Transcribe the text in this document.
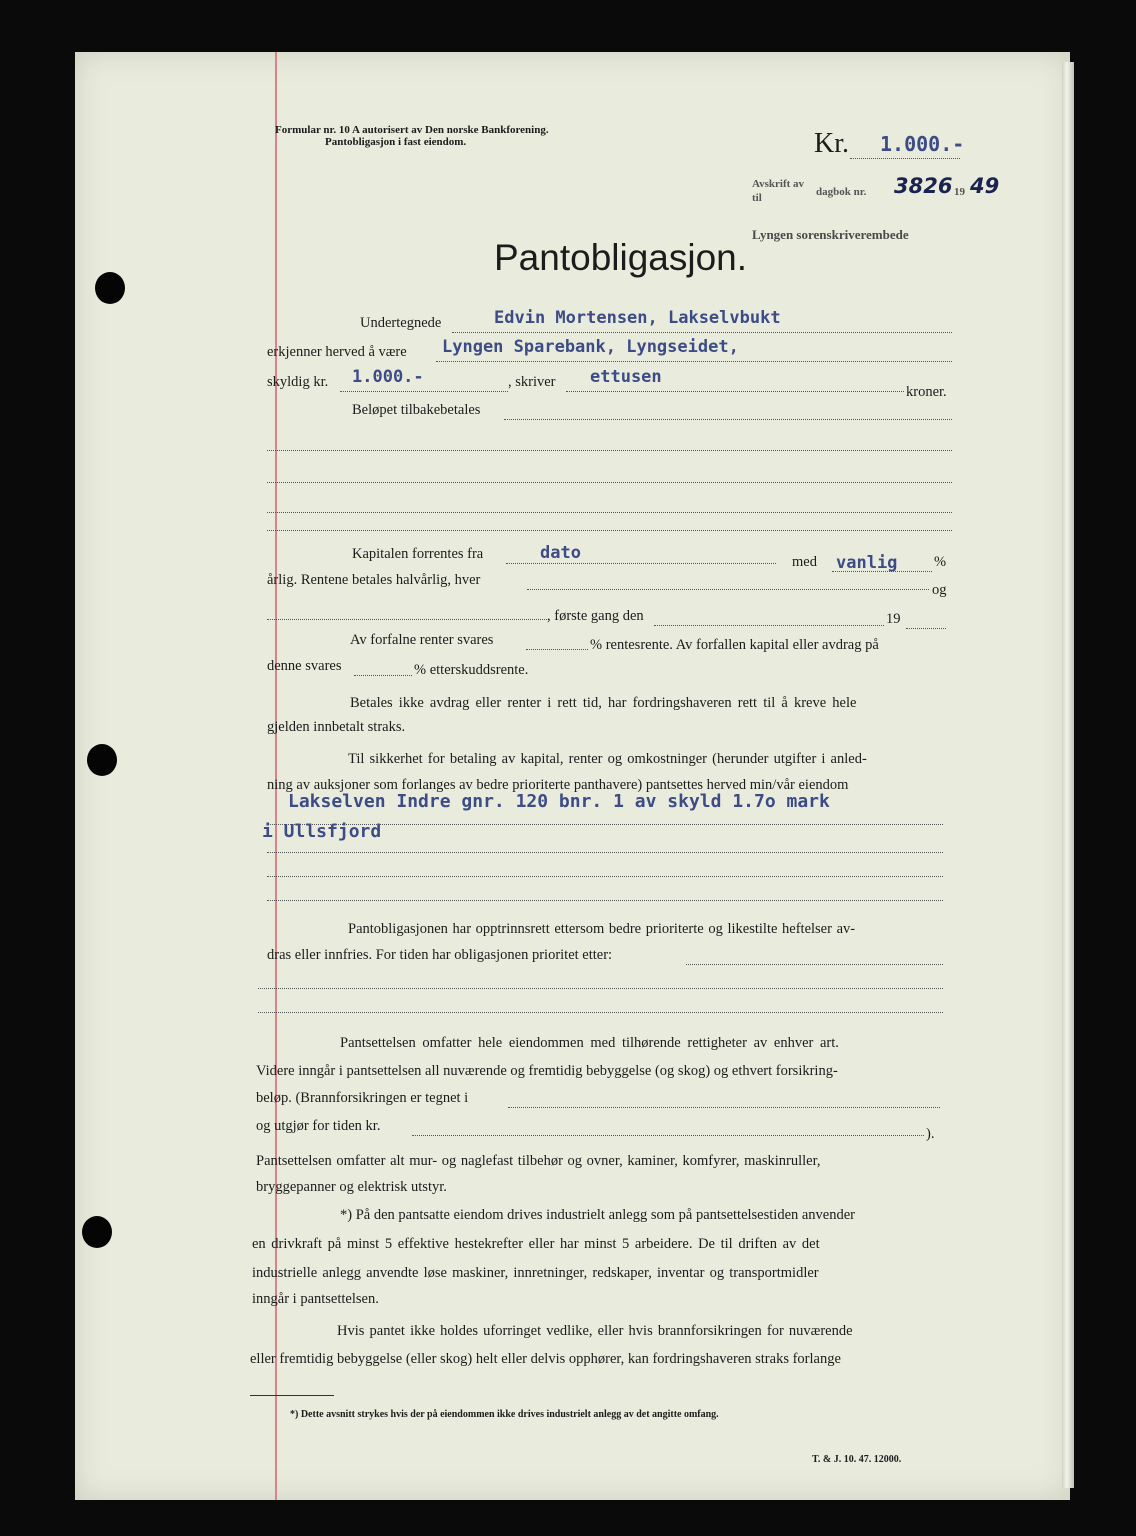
Formular nr. 10 A autorisert av Den norske Bankforening.
Pantobligasjon i fast eiendom.	Kr. 1.000.-
Avskrift av
til	dagbok nr. 3826 19 49
Lyngen sorenskriverembede
Pantobligasjon.
Undertegnede	Edvin Mortensen, Lakselvbukt
erkjenner herved å være Lyngen Sparebank, Lyngseidet,
skyldig kr. 1.000.-	, skriver ettusen
kroner.
Beløpet tilbakebetales
Kapitalen forrentes fra	dato	med vanlig	%
årlig. Rentene betales halvårlig, hver
og
, første gang den	19
Av forfalne renter svares	% rentesrente. Av forfallen kapital eller avdrag på
denne svares	% etterskuddsrente.
Betales ikke avdrag eller renter i rett tid, har fordringshaveren rett til å kreve hele
gjelden innbetalt straks.
Til sikkerhet for betaling av kapital, renter og omkostninger (herunder utgifter i anled-
ning av auksjoner som forlanges av bedre prioriterte panthavere) pantsettes herved min/vår eiendom
Lakselven Indre gnr. 120 bnr. 1 av skyld 1.7o mark
i Ullsfjord
Pantobligasjonen har opptrinnsrett ettersom bedre prioriterte og likestilte heftelser av-
dras eller innfries. For tiden har obligasjonen prioritet etter:
Pantsettelsen omfatter hele eiendommen med tilhørende rettigheter av enhver art.
Videre inngår i pantsettelsen all nuværende og fremtidig bebyggelse (og skog) og ethvert forsikring-
beløp. (Brannforsikringen er tegnet i
og utgjør for tiden kr.	).
Pantsettelsen omfatter alt mur- og naglefast tilbehør og ovner, kaminer, komfyrer, maskinruller,
bryggepanner og elektrisk utstyr.
*) På den pantsatte eiendom drives industrielt anlegg som på pantsettelsestiden anvender
en drivkraft på minst 5 effektive hestekrefter eller har minst 5 arbeidere. De til driften av det
industrielle anlegg anvendte løse maskiner, innretninger, redskaper, inventar og transportmidler
inngår i pantsettelsen.
Hvis pantet ikke holdes uforringet vedlike, eller hvis brannforsikringen for nuværende
eller fremtidig bebyggelse (eller skog) helt eller delvis opphører, kan fordringshaveren straks forlange
*) Dette avsnitt strykes hvis der på eiendommen ikke drives industrielt anlegg av det angitte omfang.
T. & J. 10. 47. 12000.
